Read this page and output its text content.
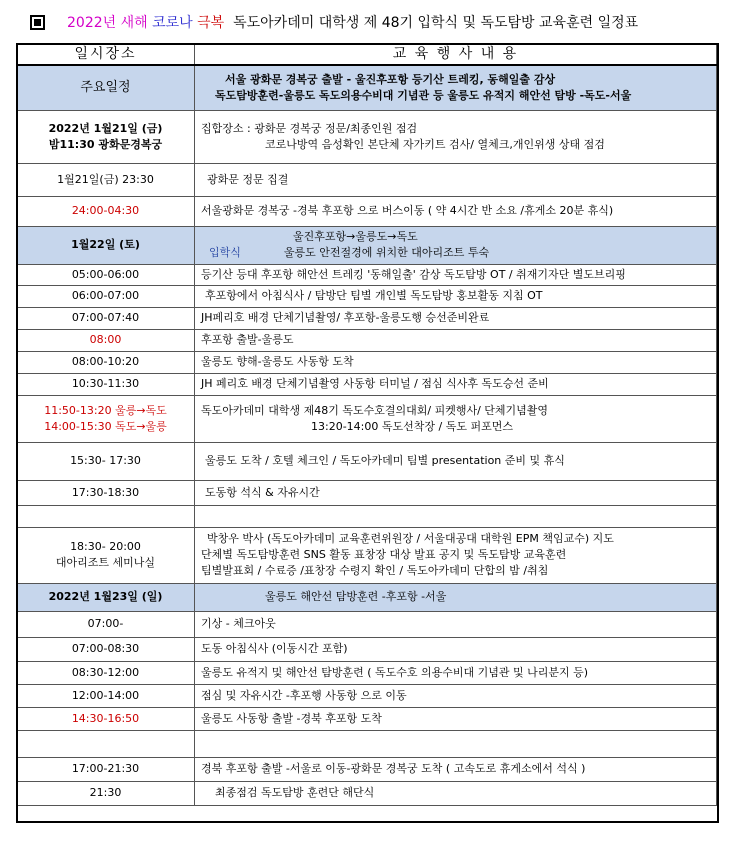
2022년 새해
코로나
극복
독도아카데미 대학생 제 48기 입학식 및 독도탐방 교육훈련 일정표
일시장소	교 육 행 사 내 용

주요일정	서울 광화문 경복궁 출발 - 울진후포항 등기산 트레킹, 동해일출 감상
독도탐방훈련-울릉도 독도의용수비대 기념관 등 울릉도 유적지 해안선 탐방 -독도-서울

2022년 1월21일 (금)
밤11:30 광화문경복궁	집합장소 : 광화문 경복궁 정문/최종인원 점검
코로나방역 음성확인 본단체 자가키트 검사/ 열체크,개인위생 상태 점검

1월21일(금) 23:30	광화문 정문 집결
24:00-04:30	서울광화문 경복궁 -경북 후포항 으로 버스이동 ( 약 4시간 반 소요 /휴게소 20분 휴식)
1월22일 (토)	울진후포항→울릉도→독도
입학식 울릉도 안전절경에 위치한 대아리조트 투숙

05:00-06:00	등기산 등대 후포항 해안선 트레킹 '동해일출' 감상 독도탐방 OT / 취재기자단 별도브리핑
06:00-07:00	후포항에서 아침식사 / 탐방단 팀별 개인별 독도탐방 홍보활동 지침 OT
07:00-07:40	JH페리호 배경 단체기념촬영/ 후포항-울릉도행 승선준비완료
08:00	후포항 출발-울릉도
08:00-10:20	울릉도 향해-울릉도 사동항 도착
10:30-11:30	JH 페리호 배경 단체기념촬영 사동항 터미널 / 점심 식사후 독도승선 준비

11:50-13:20 울릉→독도
14:00-15:30 독도→울릉	독도아카데미 대학생 제48기 독도수호결의대회/ 피켓행사/ 단체기념촬영
13:20-14:00 독도선착장 / 독도 퍼포먼스

15:30- 17:30	울릉도 도착 / 호텔 체크인 / 독도아카데미 팀별 presentation 준비 및 휴식
17:30-18:30	도동항 석식 & 자유시간

18:30- 20:00
대아리조트 세미나실	박창우 박사 (독도아카데미 교육훈련위원장 / 서울대공대 대학원 EPM 책임교수) 지도
단체별 독도탐방훈련 SNS 활동 표창장 대상 발표 공지 및 독도탐방 교육훈련
팀별발표회 / 수료증 /표창장 수령지 확인 / 독도아카데미 단합의 밤 /취침

2022년 1월23일 (일)	울릉도 해안선 탐방훈련 -후포항 -서울
07:00-	기상 - 체크아웃
07:00-08:30	도동 아침식사 (이동시간 포함)
08:30-12:00	울릉도 유적지 및 해안선 탐방훈련 ( 독도수호 의용수비대 기념관 및 나리분지 등)
12:00-14:00	점심 및 자유시간 -후포행 사동항 으로 이동
14:30-16:50	울릉도 사동항 출발 -경북 후포항 도착

17:00-21:30	경북 후포항 출발 -서울로 이동-광화문 경복궁 도착 ( 고속도로 휴게소에서 석식 )
21:30	최종점검 독도탐방 훈련단 해단식
